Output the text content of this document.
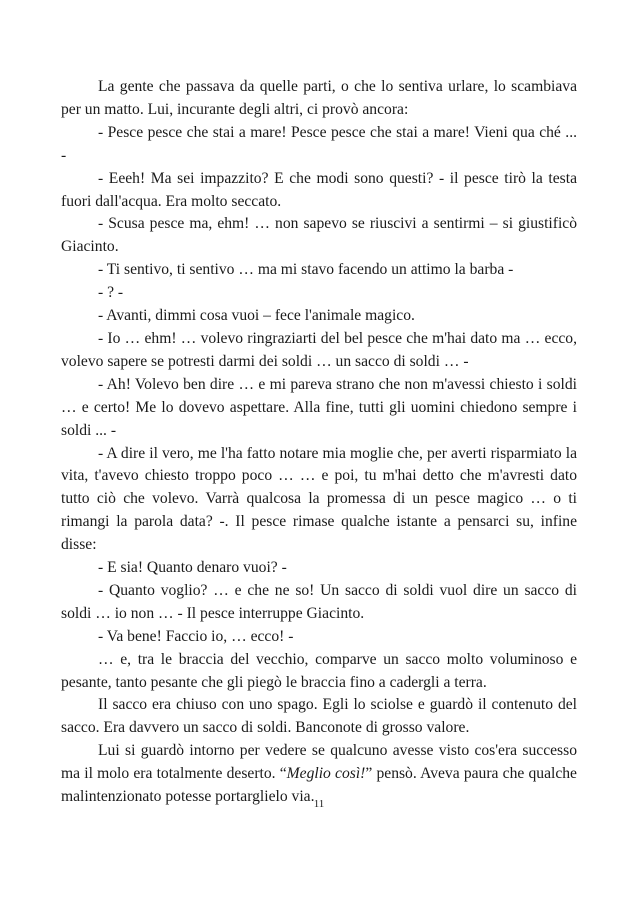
La gente che passava da quelle parti, o che lo sentiva urlare, lo scambiava per un matto. Lui, incurante degli altri, ci provò ancora:

- Pesce pesce che stai a mare! Pesce pesce che stai a mare! Vieni qua ché ... -

- Eeeh! Ma sei impazzito? E che modi sono questi? - il pesce tirò la testa fuori dall'acqua. Era molto seccato.

- Scusa pesce ma, ehm! … non sapevo se riuscivi a sentirmi – si giustificò Giacinto.

- Ti sentivo, ti sentivo … ma mi stavo facendo un attimo la barba -

- ? -

- Avanti, dimmi cosa vuoi – fece l'animale magico.

- Io … ehm! … volevo ringraziarti del bel pesce che m'hai dato ma … ecco, volevo sapere se potresti darmi dei soldi … un sacco di soldi … -

- Ah! Volevo ben dire … e mi pareva strano che non m'avessi chiesto i soldi … e certo! Me lo dovevo aspettare. Alla fine, tutti gli uomini chiedono sempre i soldi ... -

- A dire il vero, me l'ha fatto notare mia moglie che, per averti risparmiato la vita, t'avevo chiesto troppo poco … … e poi, tu m'hai detto che m'avresti dato tutto ciò che volevo. Varrà qualcosa la promessa di un pesce magico … o ti rimangi la parola data? -. Il pesce rimase qualche istante a pensarci su, infine disse:

- E sia! Quanto denaro vuoi? -

- Quanto voglio? … e che ne so! Un sacco di soldi vuol dire un sacco di soldi … io non … - Il pesce interruppe Giacinto.

- Va bene! Faccio io, … ecco! -

… e, tra le braccia del vecchio, comparve un sacco molto voluminoso e pesante, tanto pesante che gli piegò le braccia fino a cadergli a terra.

Il sacco era chiuso con uno spago. Egli lo sciolse e guardò il contenuto del sacco. Era davvero un sacco di soldi. Banconote di grosso valore.

Lui si guardò intorno per vedere se qualcuno avesse visto cos'era successo ma il molo era totalmente deserto. “Meglio così!” pensò. Aveva paura che qualche malintenzionato potesse portarglielo via. 11
